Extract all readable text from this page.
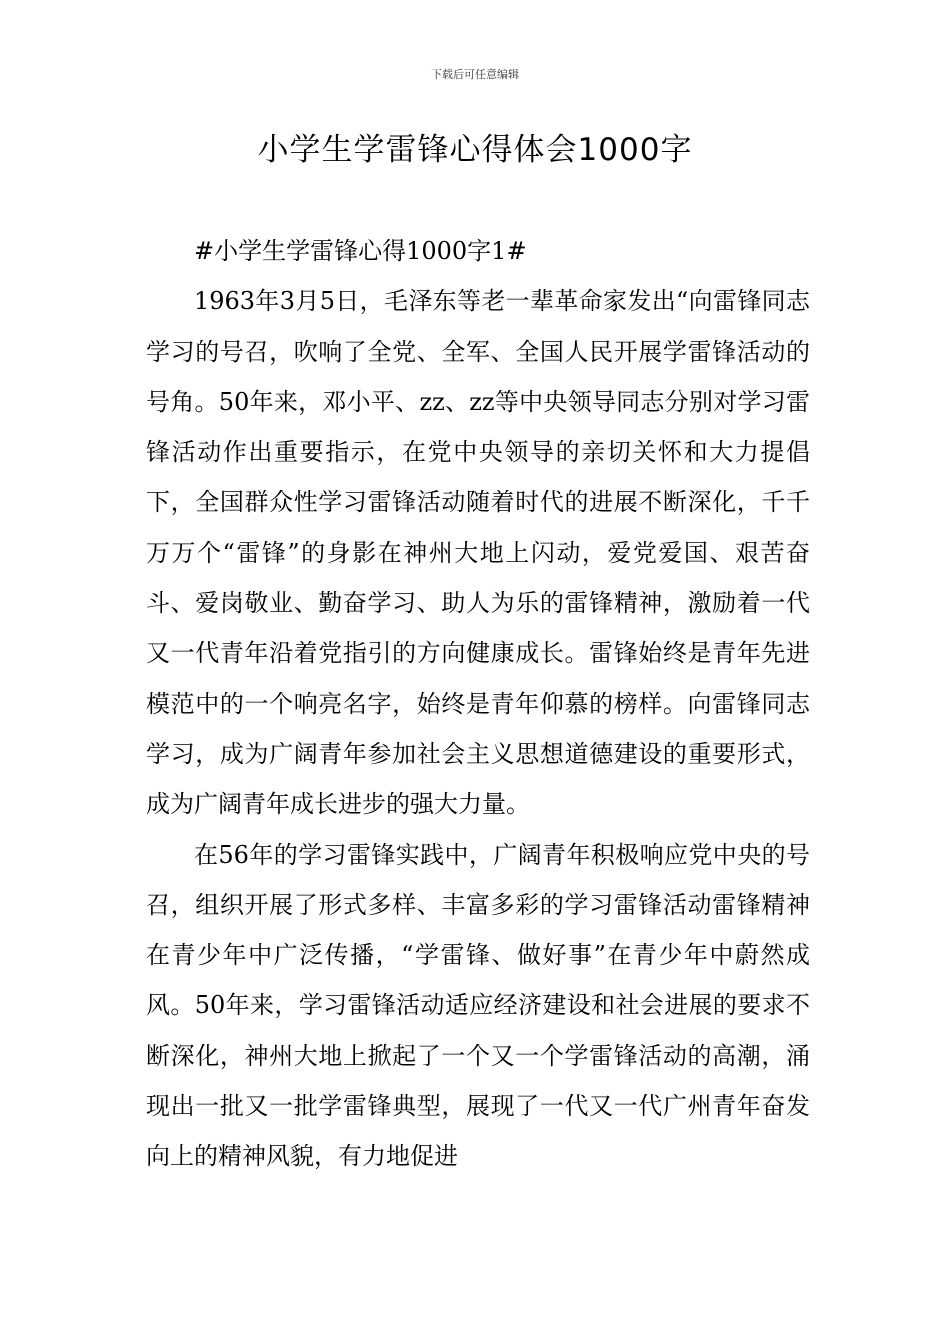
下载后可任意编辑
小学生学雷锋心得体会1000字

#小学生学雷锋心得1000字1#

1963年3月5日，毛泽东等老一辈革命家发出“向雷锋同志学习的号召，吹响了全党、全军、全国人民开展学雷锋活动的号角。50年来，邓小平、zz、zz等中央领导同志分别对学习雷锋活动作出重要指示，在党中央领导的亲切关怀和大力提倡下，全国群众性学习雷锋活动随着时代的进展不断深化，千千万万个“雷锋”的身影在神州大地上闪动，爱党爱国、艰苦奋斗、爱岗敬业、勤奋学习、助人为乐的雷锋精神，激励着一代又一代青年沿着党指引的方向健康成长。雷锋始终是青年先进模范中的一个响亮名字，始终是青年仰慕的榜样。向雷锋同志学习，成为广阔青年参加社会主义思想道德建设的重要形式，成为广阔青年成长进步的强大力量。

在56年的学习雷锋实践中，广阔青年积极响应党中央的号召，组织开展了形式多样、丰富多彩的学习雷锋活动雷锋精神在青少年中广泛传播，“学雷锋、做好事”在青少年中蔚然成风。50年来，学习雷锋活动适应经济建设和社会进展的要求不断深化，神州大地上掀起了一个又一个学雷锋活动的高潮，涌现出一批又一批学雷锋典型，展现了一代又一代广州青年奋发向上的精神风貌，有力地促进
